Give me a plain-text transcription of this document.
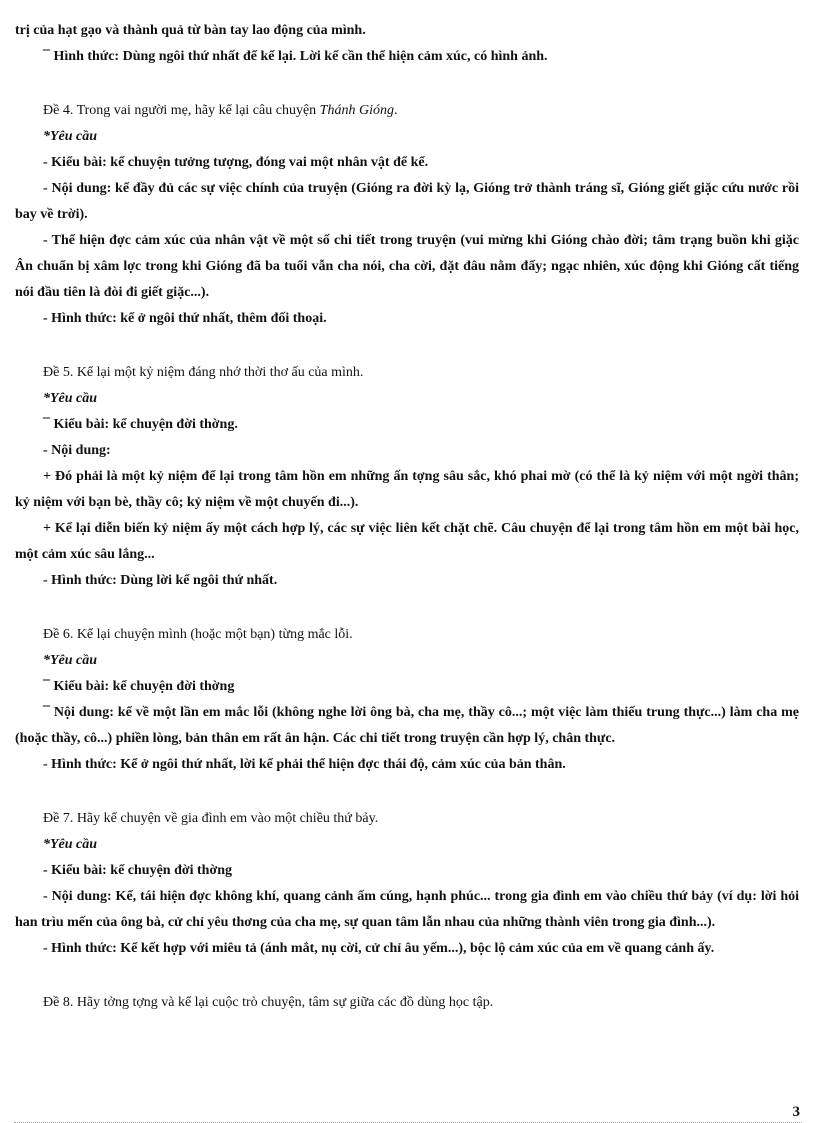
trị của hạt gạo và thành quả từ bàn tay lao động của mình.

¯ Hình thức: Dùng ngôi thứ nhất để kể lại. Lời kể cần thể hiện cảm xúc, có hình ảnh.

Đề 4. Trong vai người mẹ, hãy kể lại câu chuyện Thánh Gióng.

*Yêu cầu

- Kiểu bài: kể chuyện tưởng tượng, đóng vai một nhân vật để kể.

- Nội dung: kể đầy đủ các sự việc chính của truyện (Gióng ra đời kỳ lạ, Gióng trở thành tráng sĩ, Gióng giết giặc cứu nước rồi bay về trời).

- Thể hiện đợc cảm xúc của nhân vật về một số chi tiết trong truyện (vui mừng khi Gióng chào đời; tâm trạng buồn khi giặc Ân chuẩn bị xâm lợc trong khi Gióng đã ba tuổi vẫn cha nói, cha cời, đặt đâu nằm đấy; ngạc nhiên, xúc động khi Gióng cất tiếng nói đầu tiên là đòi đi giết giặc...).

- Hình thức: kể ở ngôi thứ nhất, thêm đối thoại.

Đề 5. Kể lại một kỷ niệm đáng nhớ thời thơ ấu của mình.

*Yêu cầu

¯ Kiểu bài: kể chuyện đời thờng.

- Nội dung:

+ Đó phải là một kỷ niệm để lại trong tâm hồn em những ấn tợng sâu sắc, khó phai mờ (có thể là kỷ niệm với một ngời thân; kỷ niệm với bạn bè, thầy cô; kỷ niệm về một chuyến đi...).

+ Kể lại diễn biến kỷ niệm ấy một cách hợp lý, các sự việc liên kết chặt chẽ. Câu chuyện để lại trong tâm hồn em một bài học, một cảm xúc sâu lắng...

- Hình thức: Dùng lời kể ngôi thứ nhất.

Đề 6. Kể lại chuyện mình (hoặc một bạn) từng mắc lỗi.

*Yêu cầu

¯ Kiểu bài: kể chuyện đời thờng

¯ Nội dung: kể về một lần em mắc lỗi (không nghe lời ông bà, cha mẹ, thầy cô...; một việc làm thiếu trung thực...) làm cha mẹ (hoặc thầy, cô...) phiền lòng, bản thân em rất ân hận. Các chi tiết trong truyện cần hợp lý, chân thực.

- Hình thức: Kể ở ngôi thứ nhất, lời kể phải thể hiện đợc thái độ, cảm xúc của bản thân.

Đề 7. Hãy kể chuyện về gia đình em vào một chiều thứ bảy.

*Yêu cầu

- Kiểu bài: kể chuyện đời thờng

- Nội dung: Kể, tái hiện đợc không khí, quang cảnh ấm cúng, hạnh phúc... trong gia đình em vào chiều thứ bảy (ví dụ: lời hỏi han trìu mến của ông bà, cử chỉ yêu thơng của cha mẹ, sự quan tâm lẫn nhau của những thành viên trong gia đình...).

- Hình thức: Kể kết hợp với miêu tả (ánh mắt, nụ cời, cử chỉ âu yếm...), bộc lộ cảm xúc của em về quang cảnh ấy.

Đề 8. Hãy tởng tợng và kể lại cuộc trò chuyện, tâm sự giữa các đồ dùng học tập.

3
